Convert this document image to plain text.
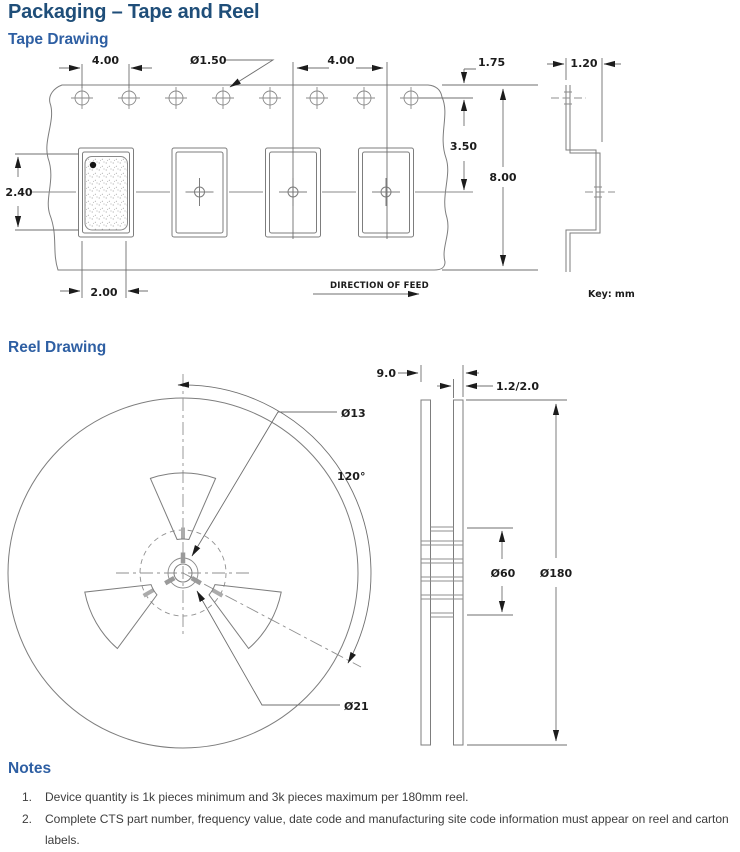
Packaging – Tape and Reel
Tape Drawing
4.00	Ø1.50	4.00	1.75
3.50
8.00
2.40
2.00	DIRECTION OF FEED
1.20
Key: mm
Reel Drawing
Ø13
120°
Ø21
9.0
1.2/2.0
Ø60 Ø180
Notes
1.	Device quantity is 1k pieces minimum and 3k pieces maximum per 180mm reel.
2.	Complete CTS part number, frequency value, date code and manufacturing site code information must appear on reel and carton labels.
